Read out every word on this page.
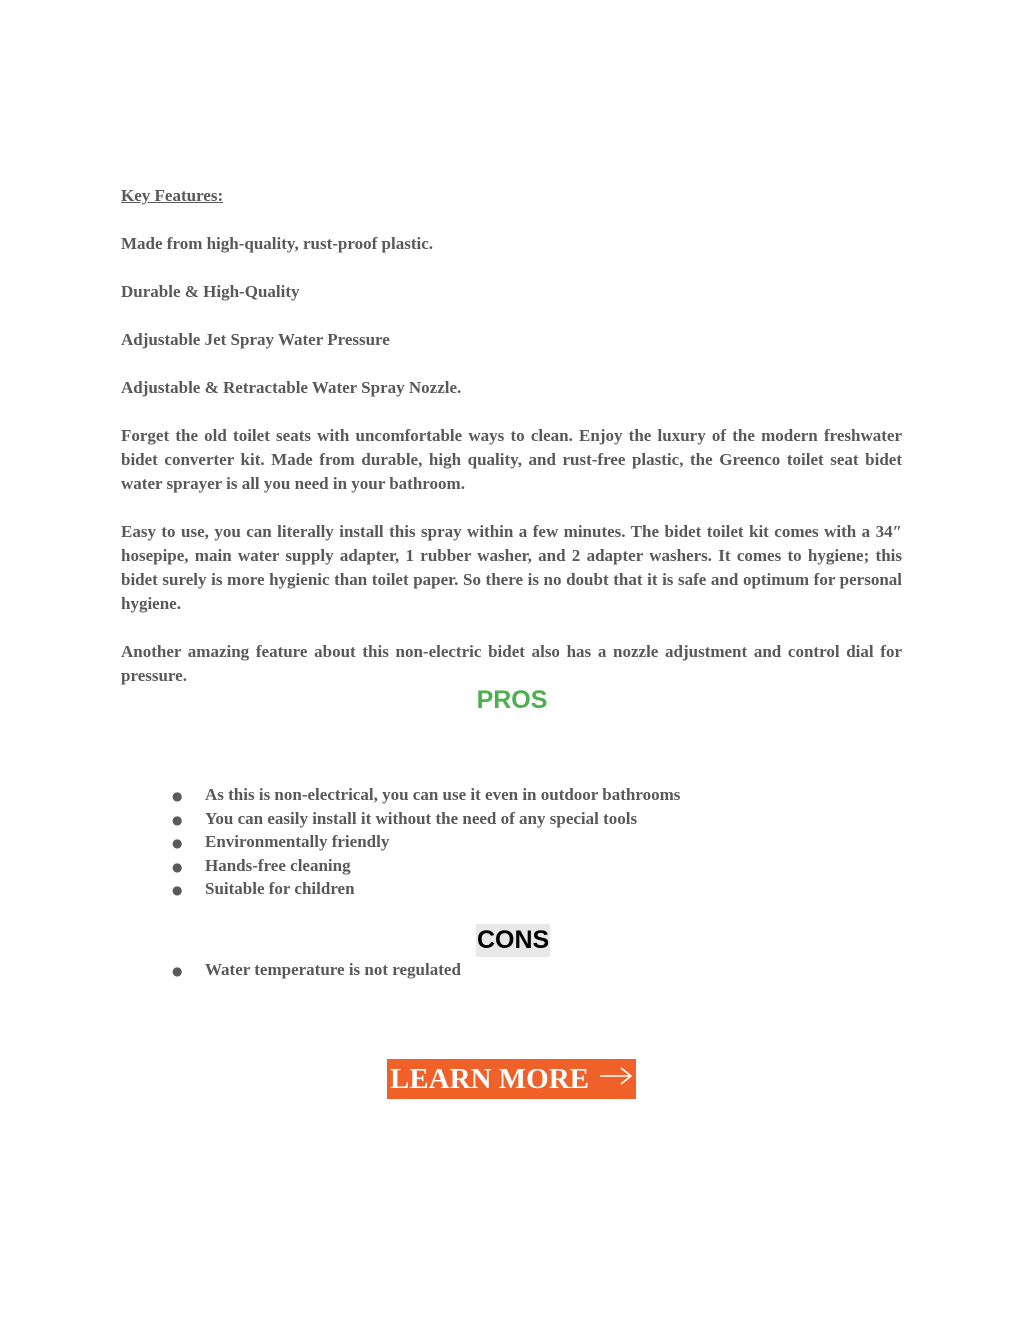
Key Features:

Made from high-quality, rust-proof plastic.

Durable & High-Quality

Adjustable Jet Spray Water Pressure

Adjustable & Retractable Water Spray Nozzle.

Forget the old toilet seats with uncomfortable ways to clean. Enjoy the luxury of the modern freshwater bidet converter kit. Made from durable, high quality, and rust-free plastic, the Greenco toilet seat bidet water sprayer is all you need in your bathroom.

Easy to use, you can literally install this spray within a few minutes. The bidet toilet kit comes with a 34″ hosepipe, main water supply adapter, 1 rubber washer, and 2 adapter washers. It comes to hygiene; this bidet surely is more hygienic than toilet paper. So there is no doubt that it is safe and optimum for personal hygiene.

Another amazing feature about this non-electric bidet also has a nozzle adjustment and control dial for pressure.

PROS
●	As this is non-electrical, you can use it even in outdoor bathrooms
●	You can easily install it without the need of any special tools
●	Environmentally friendly
●	Hands-free cleaning
●	Suitable for children
CONS
●	Water temperature is not regulated
LEARN MORE
